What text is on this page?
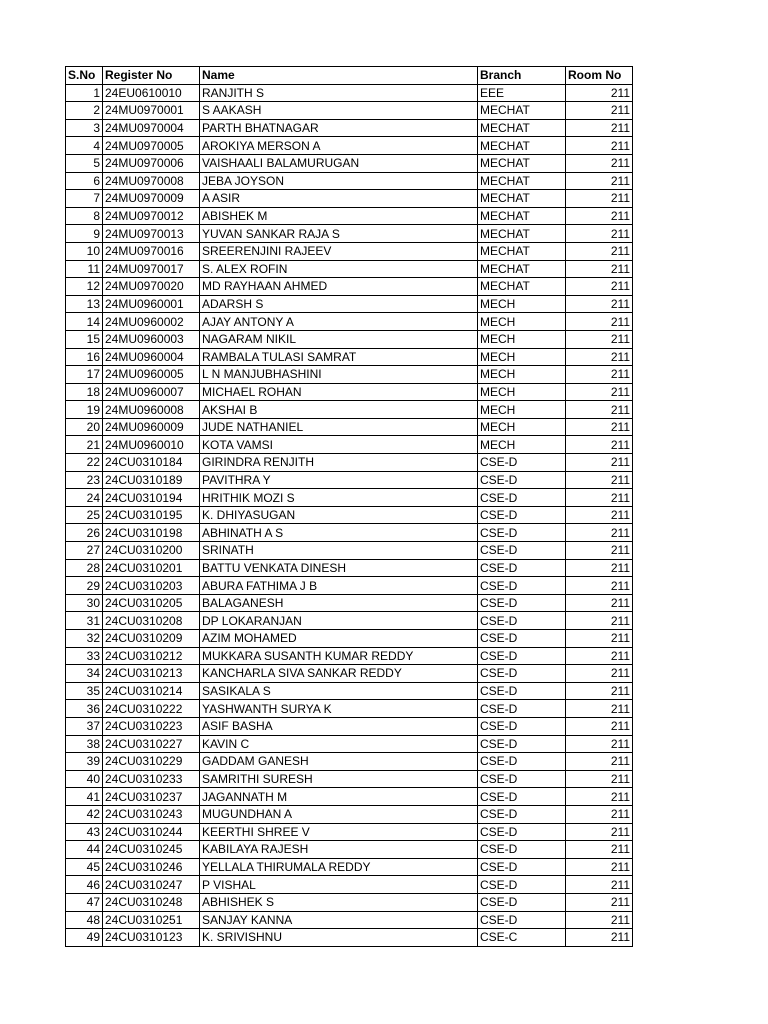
S.No	Register No	Name	Branch	Room No
1	24EU0610010	RANJITH S	EEE	211
2	24MU0970001	S AAKASH	MECHAT	211
3	24MU0970004	PARTH BHATNAGAR	MECHAT	211
4	24MU0970005	AROKIYA MERSON A	MECHAT	211
5	24MU0970006	VAISHAALI BALAMURUGAN	MECHAT	211
6	24MU0970008	JEBA JOYSON	MECHAT	211
7	24MU0970009	A ASIR	MECHAT	211
8	24MU0970012	ABISHEK M	MECHAT	211
9	24MU0970013	YUVAN SANKAR RAJA S	MECHAT	211
10	24MU0970016	SREERENJINI RAJEEV	MECHAT	211
11	24MU0970017	S. ALEX ROFIN	MECHAT	211
12	24MU0970020	MD RAYHAAN AHMED	MECHAT	211
13	24MU0960001	ADARSH S	MECH	211
14	24MU0960002	AJAY ANTONY A	MECH	211
15	24MU0960003	NAGARAM NIKIL	MECH	211
16	24MU0960004	RAMBALA TULASI SAMRAT	MECH	211
17	24MU0960005	L N MANJUBHASHINI	MECH	211
18	24MU0960007	MICHAEL ROHAN	MECH	211
19	24MU0960008	AKSHAI B	MECH	211
20	24MU0960009	JUDE NATHANIEL	MECH	211
21	24MU0960010	KOTA VAMSI	MECH	211
22	24CU0310184	GIRINDRA RENJITH	CSE-D	211
23	24CU0310189	PAVITHRA Y	CSE-D	211
24	24CU0310194	HRITHIK MOZI S	CSE-D	211
25	24CU0310195	K. DHIYASUGAN	CSE-D	211
26	24CU0310198	ABHINATH A S	CSE-D	211
27	24CU0310200	SRINATH	CSE-D	211
28	24CU0310201	BATTU VENKATA DINESH	CSE-D	211
29	24CU0310203	ABURA FATHIMA J B	CSE-D	211
30	24CU0310205	BALAGANESH	CSE-D	211
31	24CU0310208	DP LOKARANJAN	CSE-D	211
32	24CU0310209	AZIM MOHAMED	CSE-D	211
33	24CU0310212	MUKKARA SUSANTH KUMAR REDDY	CSE-D	211
34	24CU0310213	KANCHARLA SIVA SANKAR REDDY	CSE-D	211
35	24CU0310214	SASIKALA S	CSE-D	211
36	24CU0310222	YASHWANTH SURYA K	CSE-D	211
37	24CU0310223	ASIF BASHA	CSE-D	211
38	24CU0310227	KAVIN C	CSE-D	211
39	24CU0310229	GADDAM GANESH	CSE-D	211
40	24CU0310233	SAMRITHI SURESH	CSE-D	211
41	24CU0310237	JAGANNATH M	CSE-D	211
42	24CU0310243	MUGUNDHAN A	CSE-D	211
43	24CU0310244	KEERTHI SHREE V	CSE-D	211
44	24CU0310245	KABILAYA RAJESH	CSE-D	211
45	24CU0310246	YELLALA THIRUMALA REDDY	CSE-D	211
46	24CU0310247	P VISHAL	CSE-D	211
47	24CU0310248	ABHISHEK S	CSE-D	211
48	24CU0310251	SANJAY KANNA	CSE-D	211
49	24CU0310123	K. SRIVISHNU	CSE-C	211
